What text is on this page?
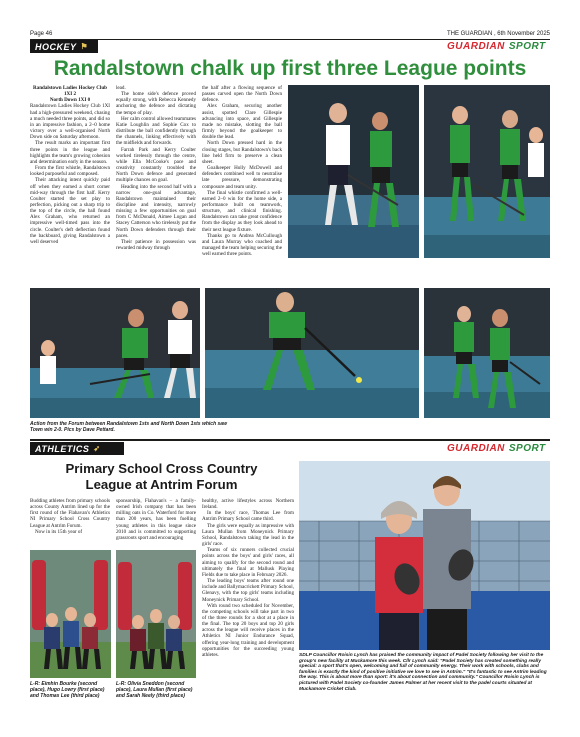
Page 46	THE GUARDIAN , 6th November 2025
HOCKEY ⚑	GUARDIAN SPORT
Randalstown chalk up first three League points

Randalstown Ladies Hockey Club 1XI 2

North Down 1XI 0

Randalstown Ladies Hockey Club 1XI had a high-pressured weekend, chasing a much needed three points, and did so in an impressive fashion, a 2–0 home victory over a well-organised North Down side on Saturday afternoon.

The result marks an important first three points in the league and highlights the team's growing cohesion and determination early in the season.

From the first whistle, Randalstown looked purposeful and composed.

Their attacking intent quickly paid off when they earned a short corner mid-way through the first half. Kerry Coulter started the set play to perfection, picking out a sharp trip to the top of the circle, the ball found Alex Graham, who returned an impressive well-timed pass into the circle. Coulter's deft deflection found the backboard, giving Randalstown a well deserved

lead.

The home side's defence proved equally strong, with Rebecca Kennedy anchoring the defence and dictating the tempo of play.

Her calm control allowed teammates Katie Loughlin and Sophie Cox to distribute the ball confidently through the channels, linking effectively with the midfields and forwards.

Farrah Park and Kerry Coulter worked tirelessly through the centre, while Ella McCooke's pace and creativity constantly troubled the North Down defence and generated multiple chances on goal.

Heading into the second half with a narrow one-goal advantage, Randalstown maintained their discipline and intensity, narrowly missing a few opportunities on goal from C McDonald, Aimee Logan and Stacey Catterson who tirelessly put the North Down defenders through their paces.

Their patience in possession was rewarded midway through

the half after a flowing sequence of passes carved open the North Down defence.

Alex Graham, securing another assist, spotted Clare Gillespie advancing into space, and Gillespie made no mistake, slotting the ball firmly beyond the goalkeeper to double the lead.

North Down pressed hard in the closing stages, but Randalstown's back line held firm to preserve a clean sheet.

Goalkeeper Holly McDowell and defenders combined well to neutralise late pressure, demonstrating composure and team unity.

The final whistle confirmed a well-earned 2–0 win for the home side, a performance built on teamwork, structure, and clinical finishing. Randalstown can take great confidence from the display as they look ahead to their next league fixture.

Thanks go to Andrea McCullough and Laura Murray who coached and managed the team helping securing the well earned three points.

Action from the Forum between Randalstown 1sts and North Down 1sts which saw Town win 2-0. Pics by Dave Pettard.

ATHLETICS ➶	GUARDIAN SPORT
Primary School Cross Country
League at Antrim Forum

Budding athletes from primary schools across County Antrim lined up for the first round of the Flahavan's Athletics NI Primary School Cross Country League at Antrim Forum.

Now in its 15th year of

sponsorship, Flahavan's – a family-owned Irish company that has been milling oats in Co. Waterford for more than 200 years, has been fuelling young athletes in this league since 2010 and is committed to supporting grassroots sport and encouraging

healthy, active lifestyles across Northern Ireland.

In the boys' race, Thomas Lee from Antrim Primary School came third.

The girls were equally as impressive with Laura Mullan from Moneynick Primary School, Randalstown taking the lead in the girls' race.

Teams of six runners collected crucial points across the boys' and girls' races, all aiming to qualify for the second round and ultimately the final at Mallusk Playing Fields due to take place in February 2026.

The leading boys' teams after round one include and Ballymacrickett Primary School, Glenavy, with the top girls' teams including Moneynick Primary School.

With round two scheduled for November, the competing schools will take part in two of the three rounds for a shot at a place in the final. The top 20 boys and top 20 girls across the league will receive places in the Athletics NI Junior Endurance Squad, offering year-long training and development opportunities for the succeeding young athletes.

L-R: Eimhin Bourke (second place), Hugo Lowry (first place) and Thomas Lee (third place)

L-R: Olivia Sneddon (second place), Laura Mullan (first place) and Sarah Neely (third place)

SDLP Councillor Roisin Lynch has praised the community impact of Padel Society following her visit to the group's new facility at Muckamore this week. Cllr Lynch said: "Padel Society has created something really special: a sport that's open, welcoming and full of community energy. Their work with schools, clubs and families is exactly the kind of positive initiative we love to see in Antrim." "It's fantastic to see Antrim leading the way. This is about more than sport: it's about connection and community." Councillor Roisin Lynch is pictured with Padel Society co-founder James Palmer at her recent visit to the padel courts situated at Muckamore Cricket Club.
